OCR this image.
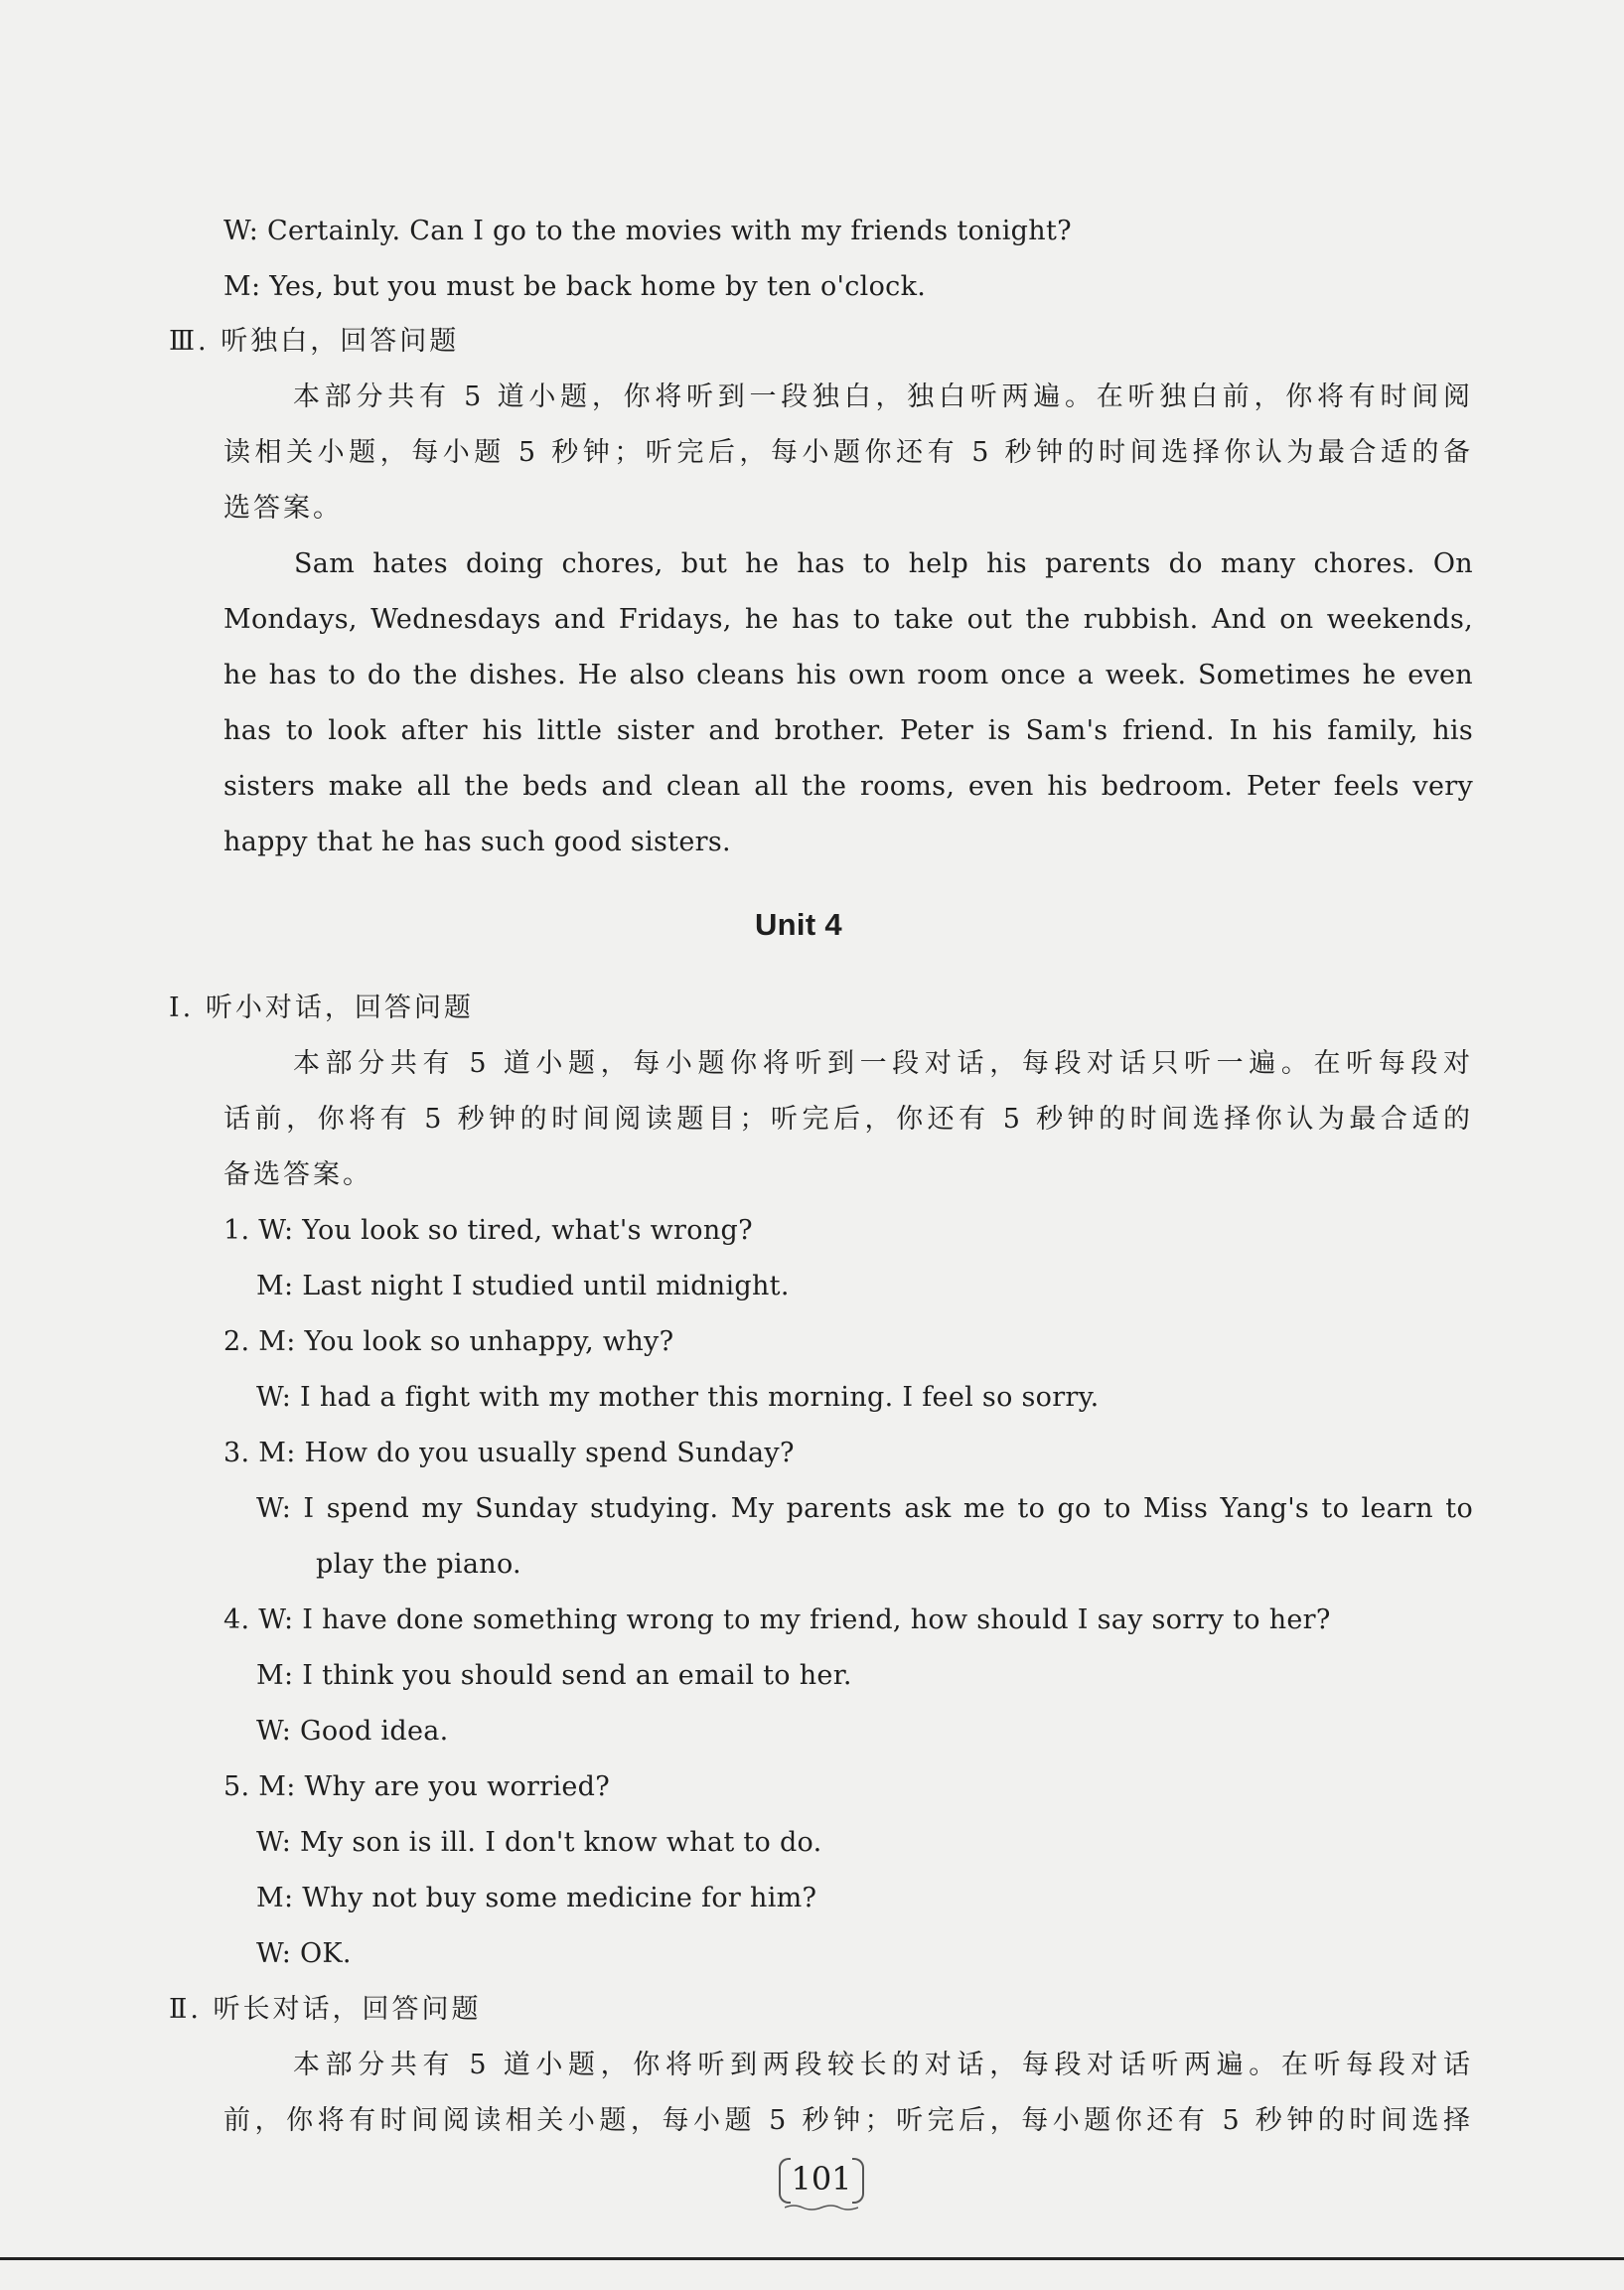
W: Certainly. Can I go to the movies with my friends tonight?
M: Yes, but you must be back home by ten o'clock.
Ⅲ. 听独白，回答问题
本部分共有 5 道小题，你将听到一段独白，独白听两遍。在听独白前，你将有时间阅
读相关小题，每小题 5 秒钟；听完后，每小题你还有 5 秒钟的时间选择你认为最合适的备
选答案。
Sam hates doing chores, but he has to help his parents do many chores. On
Mondays, Wednesdays and Fridays, he has to take out the rubbish. And on weekends,
he has to do the dishes. He also cleans his own room once a week. Sometimes he even
has to look after his little sister and brother. Peter is Sam's friend. In his family, his
sisters make all the beds and clean all the rooms, even his bedroom. Peter feels very
happy that he has such good sisters.
Unit 4
Ⅰ. 听小对话，回答问题
本部分共有 5 道小题，每小题你将听到一段对话，每段对话只听一遍。在听每段对
话前，你将有 5 秒钟的时间阅读题目；听完后，你还有 5 秒钟的时间选择你认为最合适的
备选答案。
1. W: You look so tired, what's wrong?
M: Last night I studied until midnight.
2. M: You look so unhappy, why?
W: I had a fight with my mother this morning. I feel so sorry.
3. M: How do you usually spend Sunday?
W: I spend my Sunday studying. My parents ask me to go to Miss Yang's to learn to
play the piano.
4. W: I have done something wrong to my friend, how should I say sorry to her?
M: I think you should send an email to her.
W: Good idea.
5. M: Why are you worried?
W: My son is ill. I don't know what to do.
M: Why not buy some medicine for him?
W: OK.
Ⅱ. 听长对话，回答问题
本部分共有 5 道小题，你将听到两段较长的对话，每段对话听两遍。在听每段对话
前，你将有时间阅读相关小题，每小题 5 秒钟；听完后，每小题你还有 5 秒钟的时间选择
101
